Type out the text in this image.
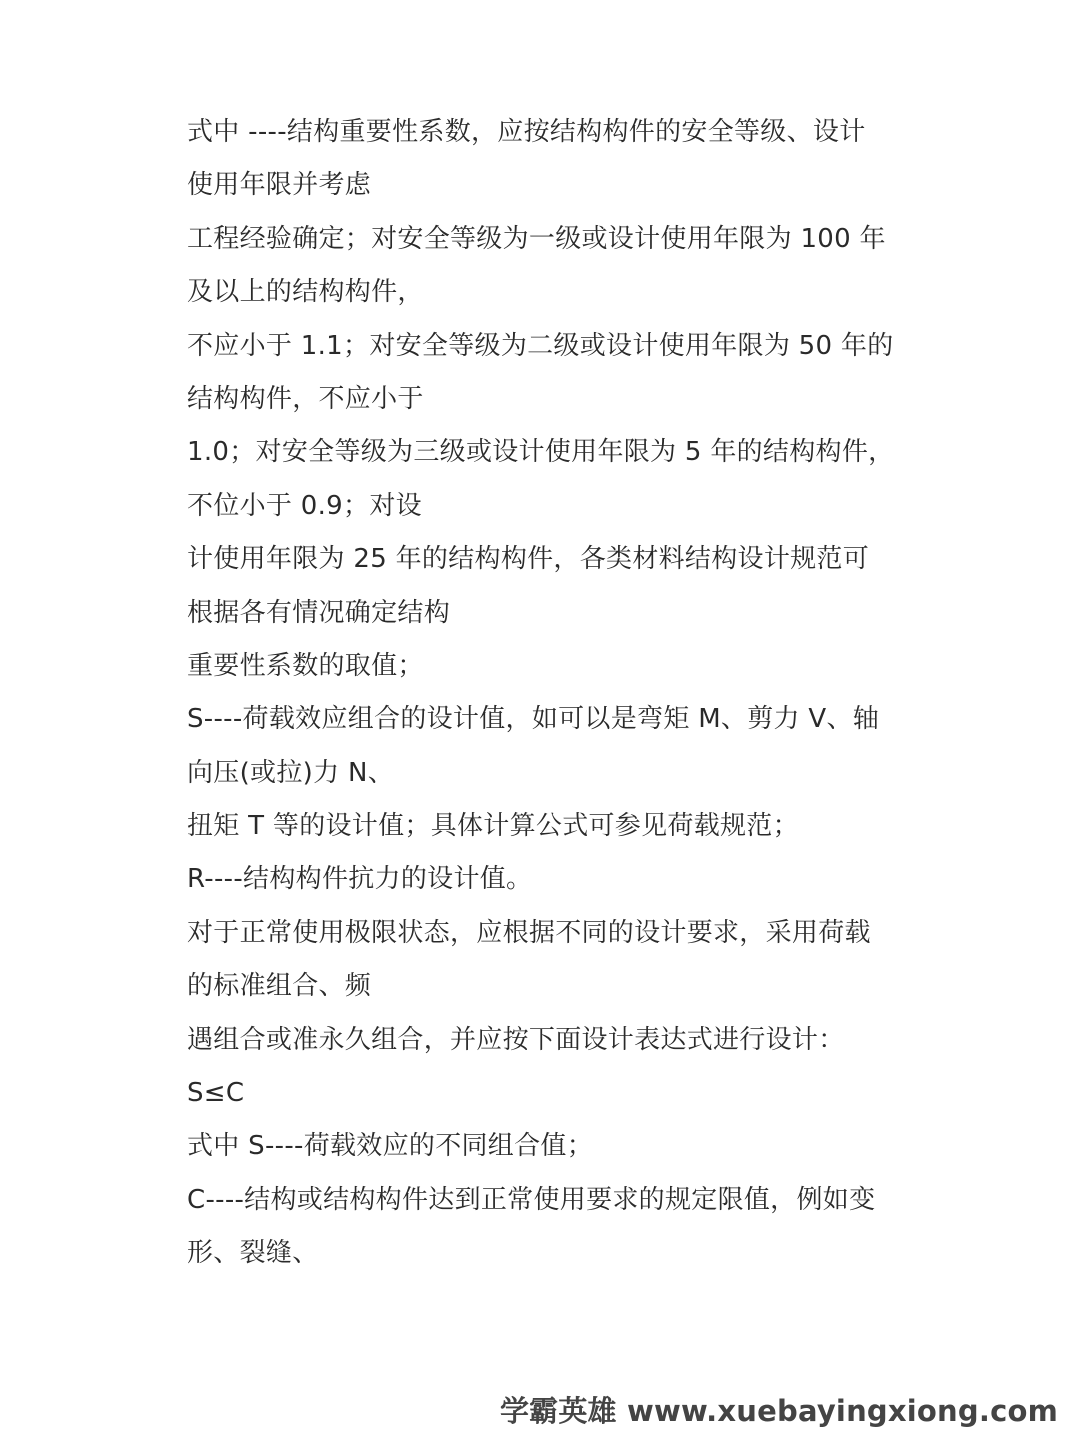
式中 ----结构重要性系数，应按结构构件的安全等级、设计
使用年限并考虑
工程经验确定；对安全等级为一级或设计使用年限为 100 年
及以上的结构构件，
不应小于 1.1；对安全等级为二级或设计使用年限为 50 年的
结构构件，不应小于
1.0；对安全等级为三级或设计使用年限为 5 年的结构构件，
不位小于 0.9；对设
计使用年限为 25 年的结构构件，各类材料结构设计规范可
根据各有情况确定结构
重要性系数的取值；
S----荷载效应组合的设计值，如可以是弯矩 M、剪力 V、轴
向压(或拉)力 N、
扭矩 T 等的设计值；具体计算公式可参见荷载规范；
R----结构构件抗力的设计值。
对于正常使用极限状态，应根据不同的设计要求，采用荷载
的标准组合、频
遇组合或准永久组合，并应按下面设计表达式进行设计：
S≤C
式中 S----荷载效应的不同组合值；
C----结构或结构构件达到正常使用要求的规定限值，例如变
形、裂缝、
学霸英雄 www.xuebayingxiong.com
